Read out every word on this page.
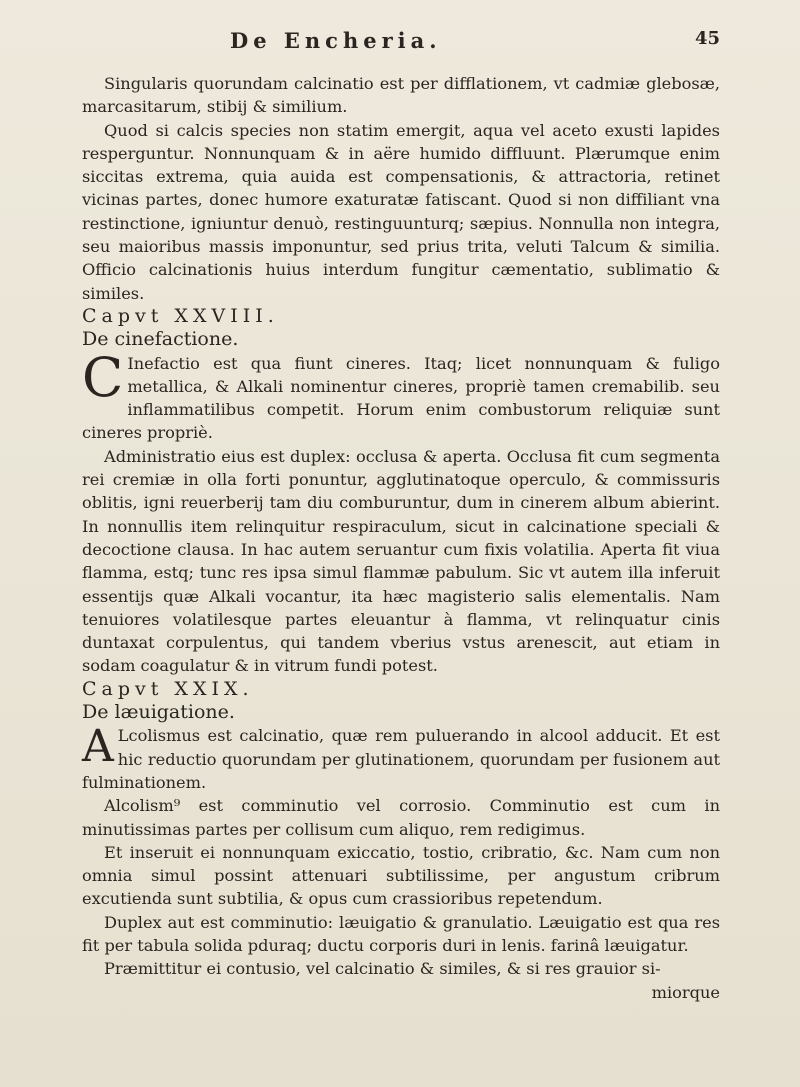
De Encheria.	45

Singularis quorundam calcinatio est per difflationem, vt cadmiæ glebosæ, marcasitarum, stibij & similium.

Quod si calcis species non statim emergit, aqua vel aceto exusti lapides resperguntur. Nonnunquam & in aëre humido diffluunt. Plærumque enim siccitas extrema, quia auida est compensationis, & attractoria, retinet vicinas partes, donec humore exaturatæ fatiscant. Quod si non diffiliant vna restinctione, igniuntur denuò, restinguunturq; sæpius. Nonnulla non integra, seu maioribus massis imponuntur, sed prius trita, veluti Talcum & similia. Officio calcinationis huius interdum fungitur cæmentatio, sublimatio & similes.

Capvt XXVIII.

De cinefactione.

C Inefactio est qua fiunt cineres. Itaq; licet nonnunquam & fuligo metallica, & Alkali nominentur cineres, propriè tamen cremabilib. seu inflammatilibus competit. Horum enim combustorum reliquiæ sunt cineres propriè.

Administratio eius est duplex: occlusa & aperta. Occlusa fit cum segmenta rei cremiæ in olla forti ponuntur, agglutinatoque operculo, & commissuris oblitis, igni reuerberij tam diu comburuntur, dum in cinerem album abierint. In nonnullis item relinquitur respiraculum, sicut in calcinatione speciali & decoctione clausa. In hac autem seruantur cum fixis volatilia. Aperta fit viua flamma, estq; tunc res ipsa simul flammæ pabulum. Sic vt autem illa inferuit essentijs quæ Alkali vocantur, ita hæc magisterio salis elementalis. Nam tenuiores volatilesque partes eleuantur à flamma, vt relinquatur cinis duntaxat corpulentus, qui tandem vberius vstus arenescit, aut etiam in sodam coagulatur & in vitrum fundi potest.

Capvt XXIX.

De læuigatione.

A Lcolismus est calcinatio, quæ rem puluerando in alcool adducit. Et est hic reductio quorundam per glutinationem, quorundam per fusionem aut fulminationem.

Alcolism⁹ est comminutio vel corrosio. Comminutio est cum in minutissimas partes per collisum cum aliquo, rem redigimus.

Et inseruit ei nonnunquam exiccatio, tostio, cribratio, &c. Nam cum non omnia simul possint attenuari subtilissime, per angustum cribrum excutienda sunt subtilia, & opus cum crassioribus repetendum.

Duplex aut est comminutio: læuigatio & granulatio. Læuigatio est qua res fit per tabula solida pduraq; ductu corporis duri in lenis. farinâ læuigatur.

Præmittitur ei contusio, vel calcinatio & similes, & si res grauior si-

miorque
